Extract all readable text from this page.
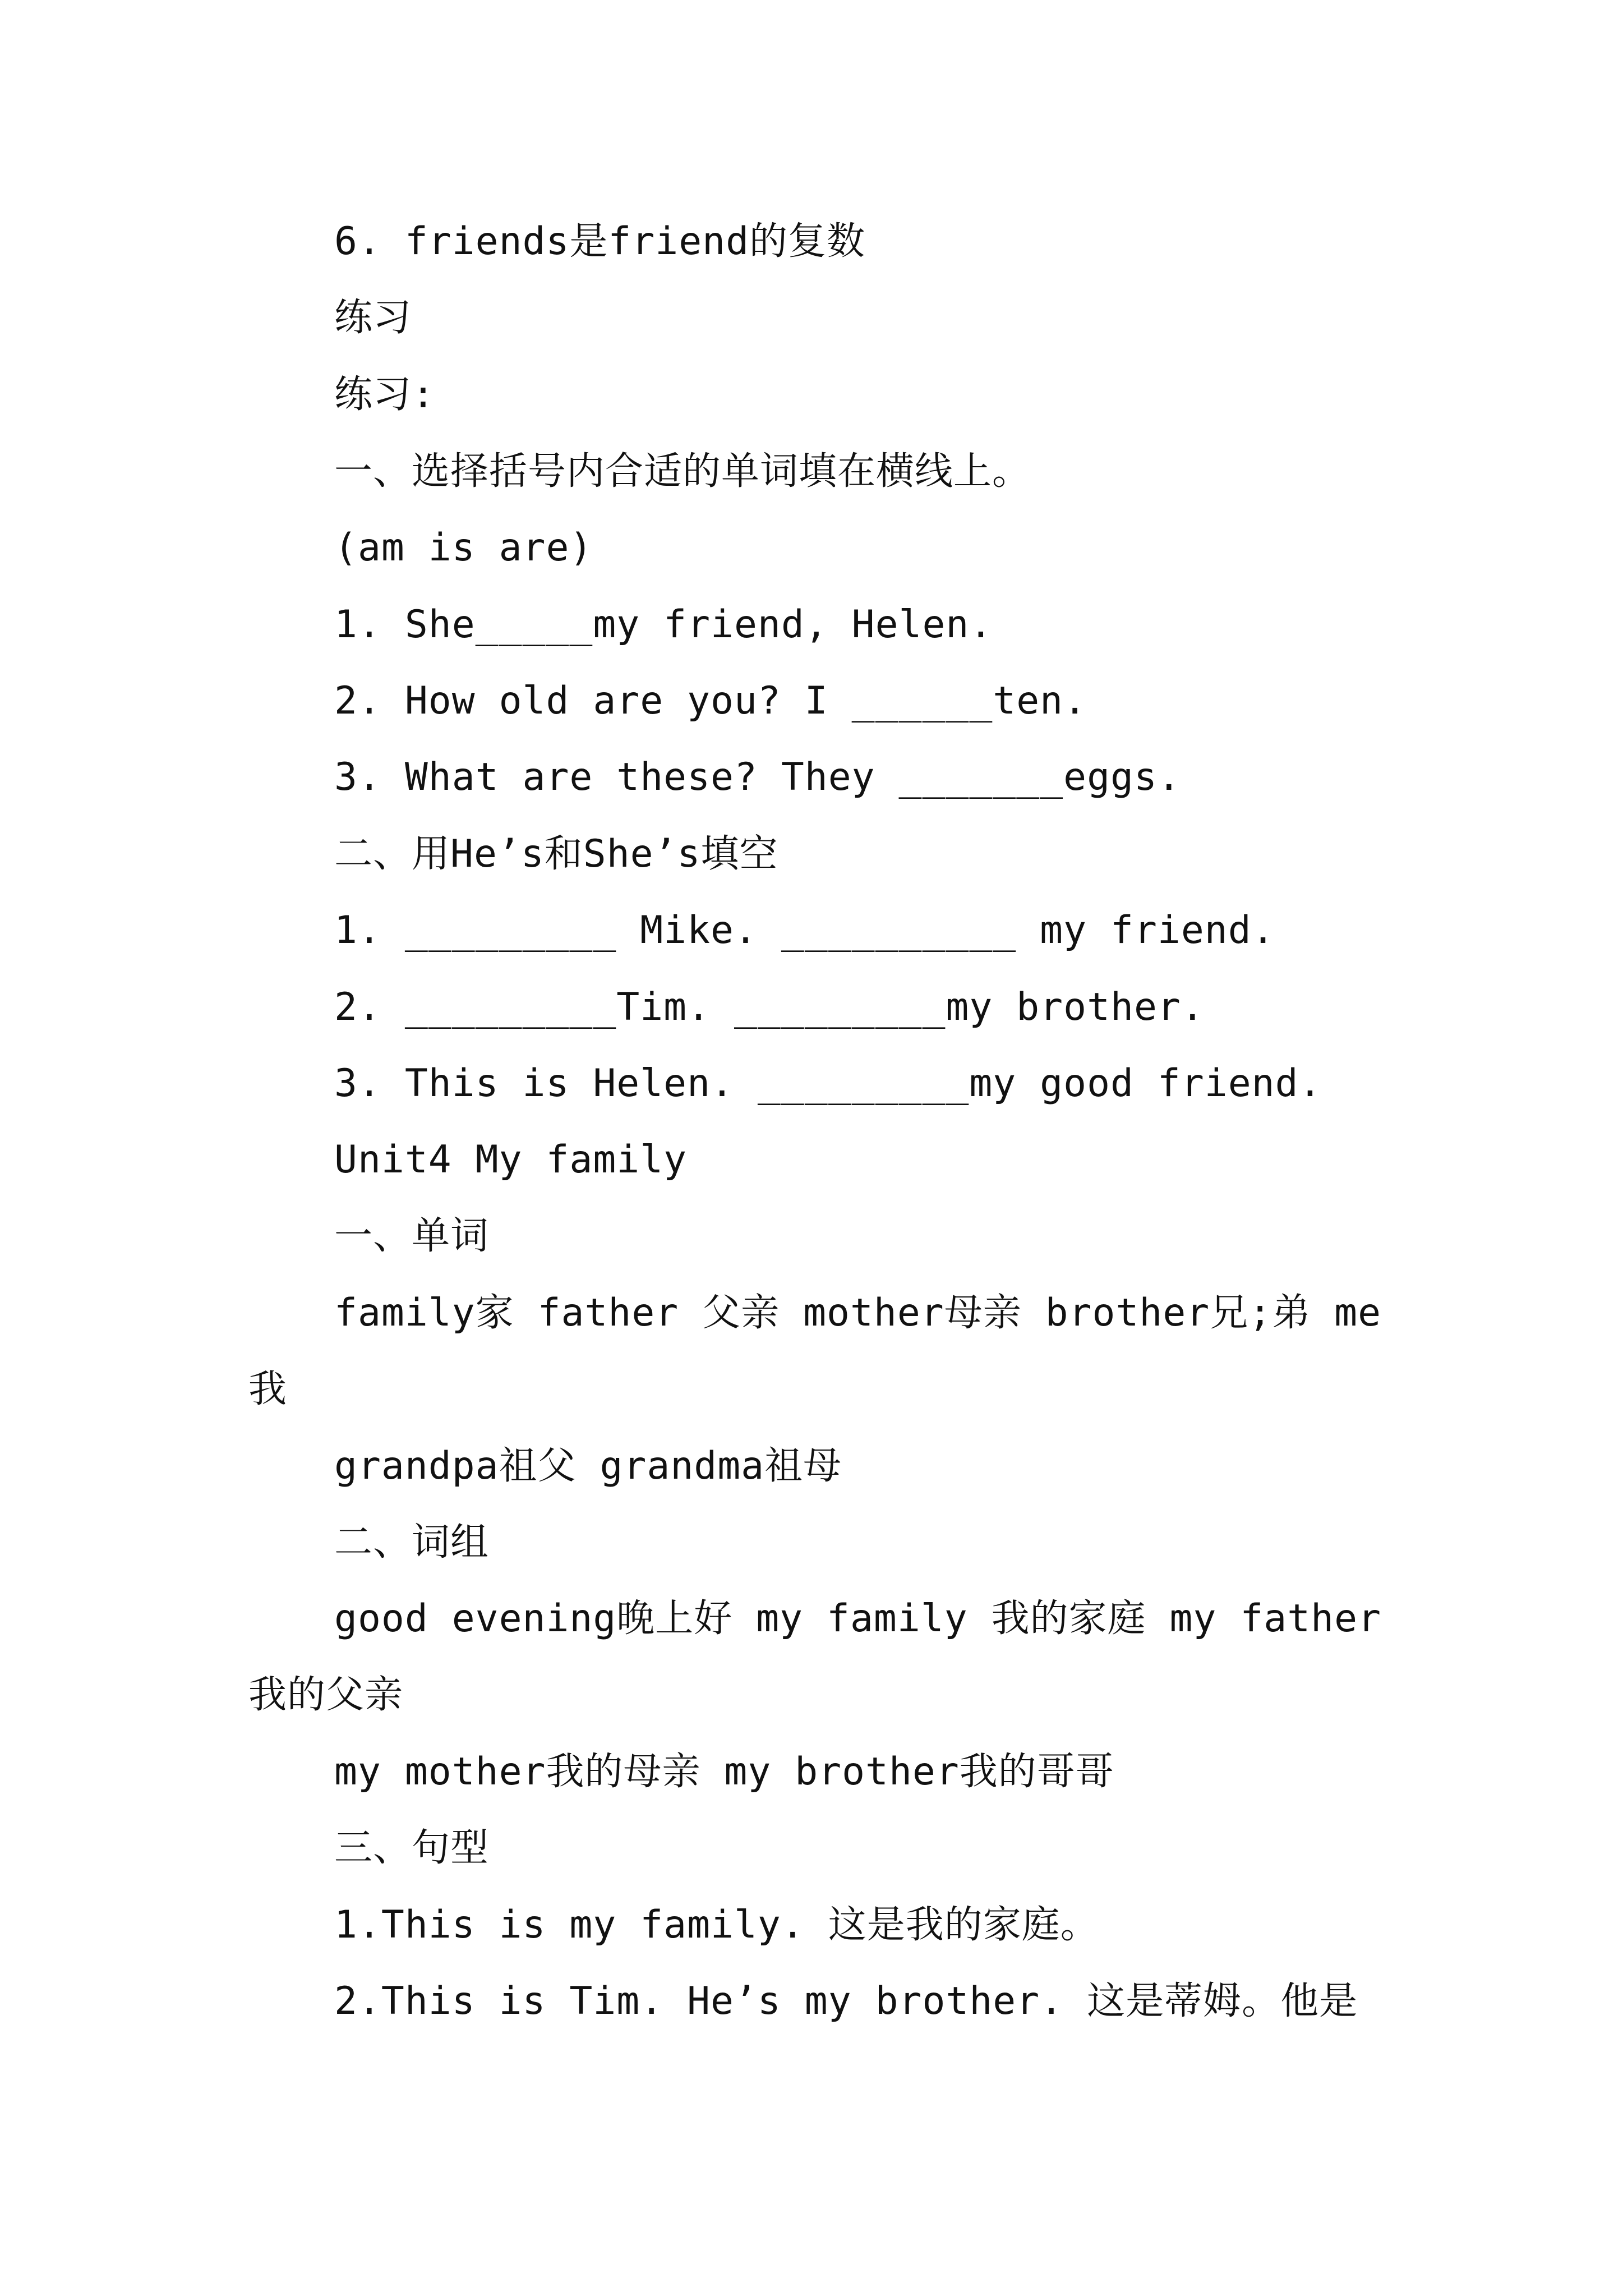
6. friends是friend的复数
练习
练习:
一、选择括号内合适的单词填在横线上。
(am is are)
1. She_____my friend, Helen.
2. How old are you? I ______ten.
3. What are these? They _______eggs.
二、用He’s和She’s填空
1. _________ Mike. __________ my friend.
2. _________Tim. _________my brother.
3. This is Helen. _________my good friend.
Unit4 My family
一、单词
family家 father 父亲 mother母亲 brother兄;弟 me
我
grandpa祖父 grandma祖母
二、词组
good evening晚上好 my family 我的家庭 my father
我的父亲
my mother我的母亲 my brother我的哥哥
三、句型
1.This is my family. 这是我的家庭。
2.This is Tim. He’s my brother. 这是蒂姆。他是
